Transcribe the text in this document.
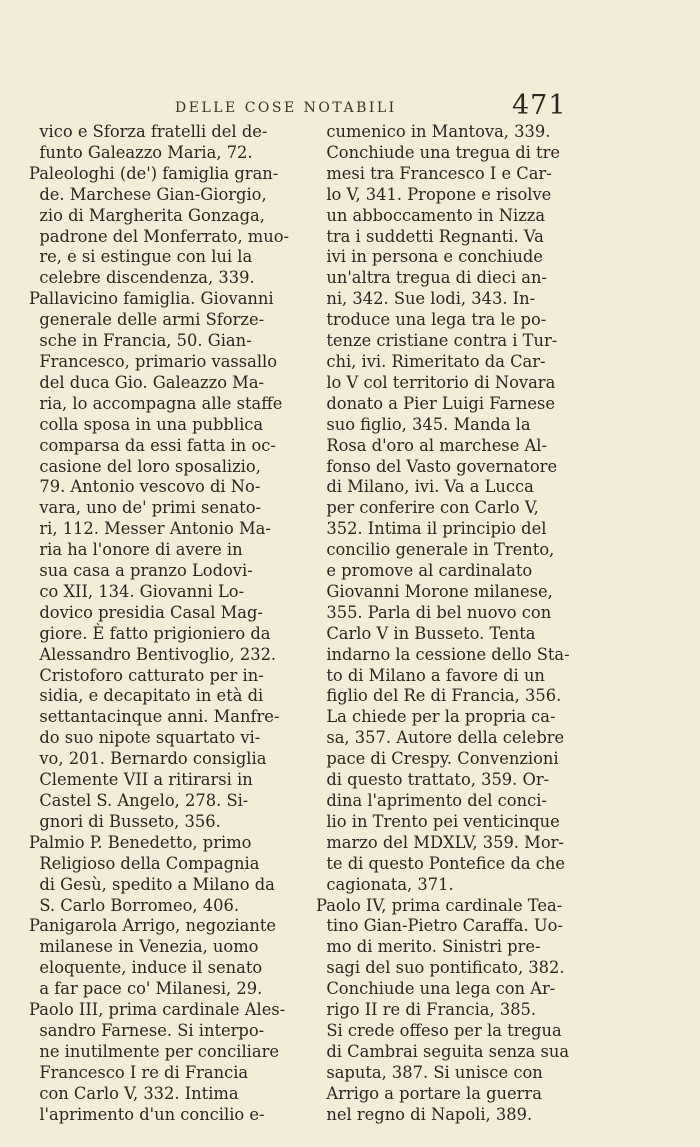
DELLE COSE NOTABILI	471
vico e Sforza fratelli del de-
funto Galeazzo Maria, 72.
Paleologhi (de') famiglia gran-
de. Marchese Gian-Giorgio,
zio di Margherita Gonzaga,
padrone del Monferrato, muo-
re, e si estingue con lui la
celebre discendenza, 339.
Pallavicino famiglia. Giovanni
generale delle armi Sforze-
sche in Francia, 50. Gian-
Francesco, primario vassallo
del duca Gio. Galeazzo Ma-
ria, lo accompagna alle staffe
colla sposa in una pubblica
comparsa da essi fatta in oc-
casione del loro sposalizio,
79. Antonio vescovo di No-
vara, uno de' primi senato-
ri, 112. Messer Antonio Ma-
ria ha l'onore di avere in
sua casa a pranzo Lodovi-
co XII, 134. Giovanni Lo-
dovico presidia Casal Mag-
giore. È fatto prigioniero da
Alessandro Bentivoglio, 232.
Cristoforo catturato per in-
sidia, e decapitato in età di
settantacinque anni. Manfre-
do suo nipote squartato vi-
vo, 201. Bernardo consiglia
Clemente VII a ritirarsi in
Castel S. Angelo, 278. Si-
gnori di Busseto, 356.
Palmio P. Benedetto, primo
Religioso della Compagnia
di Gesù, spedito a Milano da
S. Carlo Borromeo, 406.
Panigarola Arrigo, negoziante
milanese in Venezia, uomo
eloquente, induce il senato
a far pace co' Milanesi, 29.
Paolo III, prima cardinale Ales-
sandro Farnese. Si interpo-
ne inutilmente per conciliare
Francesco I re di Francia
con Carlo V, 332. Intima
l'aprimento d'un concilio e-
cumenico in Mantova, 339.
Conchiude una tregua di tre
mesi tra Francesco I e Car-
lo V, 341. Propone e risolve
un abboccamento in Nizza
tra i suddetti Regnanti. Va
ivi in persona e conchiude
un'altra tregua di dieci an-
ni, 342. Sue lodi, 343. In-
troduce una lega tra le po-
tenze cristiane contra i Tur-
chi, ivi. Rimeritato da Car-
lo V col territorio di Novara
donato a Pier Luigi Farnese
suo figlio, 345. Manda la
Rosa d'oro al marchese Al-
fonso del Vasto governatore
di Milano, ivi. Va a Lucca
per conferire con Carlo V,
352. Intima il principio del
concilio generale in Trento,
e promove al cardinalato
Giovanni Morone milanese,
355. Parla di bel nuovo con
Carlo V in Busseto. Tenta
indarno la cessione dello Sta-
to di Milano a favore di un
figlio del Re di Francia, 356.
La chiede per la propria ca-
sa, 357. Autore della celebre
pace di Crespy. Convenzioni
di questo trattato, 359. Or-
dina l'aprimento del conci-
lio in Trento pei venticinque
marzo del MDXLV, 359. Mor-
te di questo Pontefice da che
cagionata, 371.
Paolo IV, prima cardinale Tea-
tino Gian-Pietro Caraffa. Uo-
mo di merito. Sinistri pre-
sagi del suo pontificato, 382.
Conchiude una lega con Ar-
rigo II re di Francia, 385.
Si crede offeso per la tregua
di Cambrai seguita senza sua
saputa, 387. Si unisce con
Arrigo a portare la guerra
nel regno di Napoli, 389.
